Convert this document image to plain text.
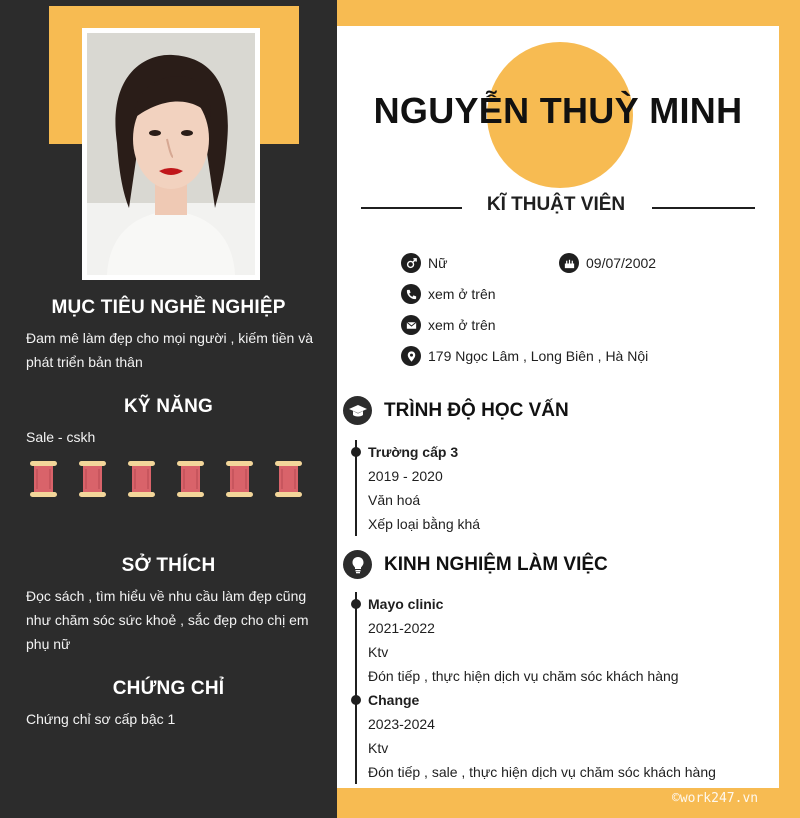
MỤC TIÊU NGHỀ NGHIỆP
Đam mê làm đẹp cho mọi người , kiếm tiền và
phát triển bản thân
KỸ NĂNG
Sale - cskh
SỞ THÍCH
Đọc sách , tìm hiểu về nhu cầu làm đẹp cũng
như chăm sóc sức khoẻ , sắc đẹp cho chị em
phụ nữ
CHỨNG CHỈ
Chứng chỉ sơ cấp bậc 1
NGUYỄN THUỲ MINH
KĨ THUẬT VIÊN
Nữ	09/07/2002
xem ở trên
xem ở trên
179 Ngọc Lâm , Long Biên , Hà Nội
TRÌNH ĐỘ HỌC VẤN
Trường cấp 3
2019 - 2020
Văn hoá
Xếp loại bằng khá
KINH NGHIỆM LÀM VIỆC
Mayo clinic
2021-2022
Ktv
Đón tiếp , thực hiện dịch vụ chăm sóc khách hàng
Change
2023-2024
Ktv
Đón tiếp , sale , thực hiện dịch vụ chăm sóc khách hàng
©work247.vn
